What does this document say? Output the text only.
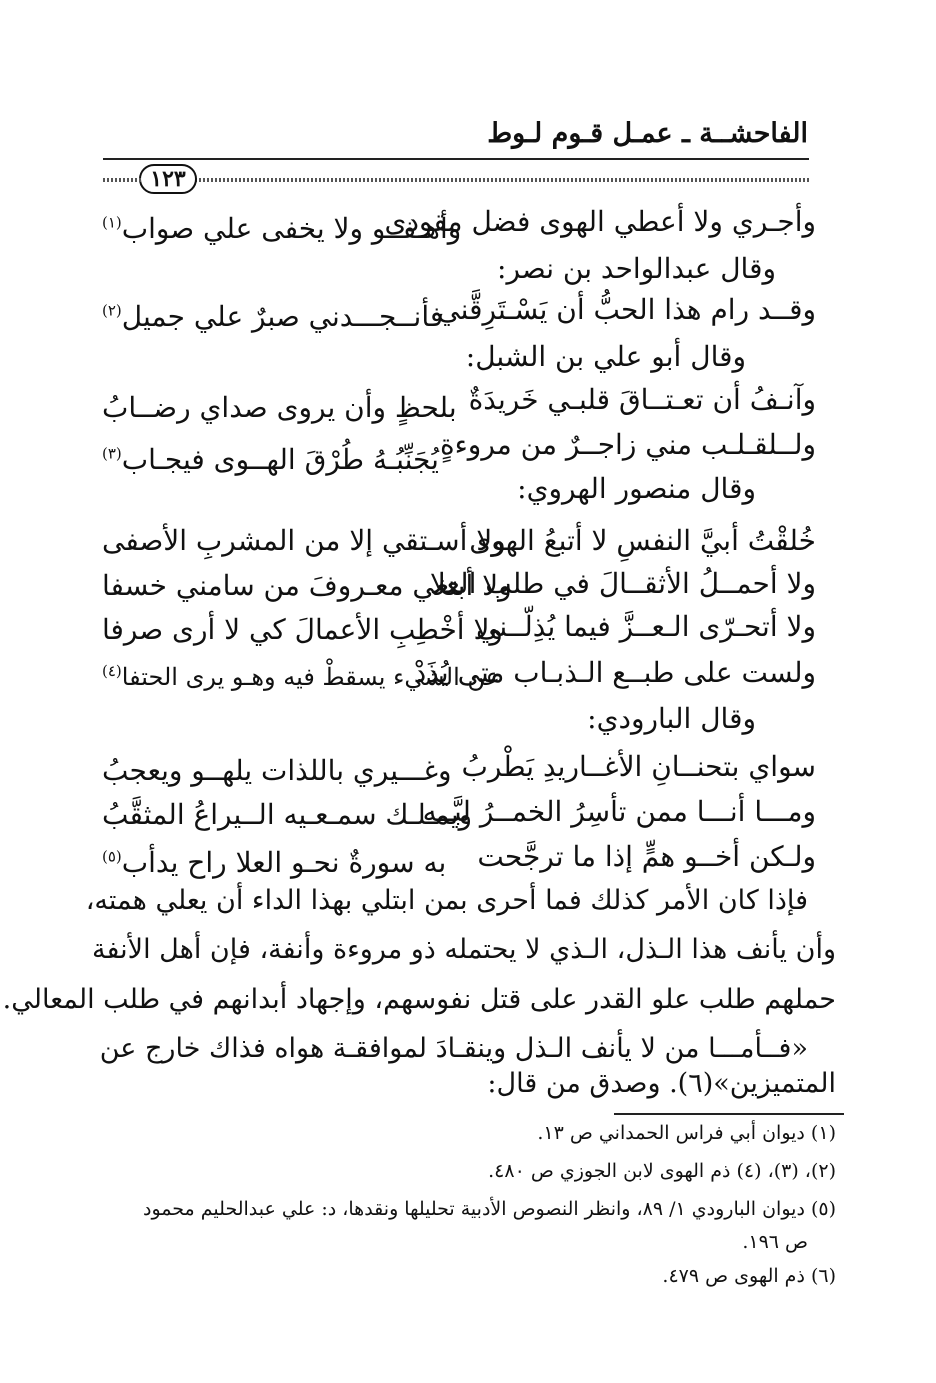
الفاحشــة ـ عمـل قـوم لـوط
١٢٣
وأجـري ولا أعطي الهوى فضل مقودي
وأهـفــو ولا يخفى علي صواب$^{(١)}$
وقال عبدالواحد بن نصر:
وقــد رام هذا الحبُّ أن يَسْـتَرِقَّني
فأنــجـــدني صبرٌ علي جميل$^{(٢)}$
وقال أبو علي بن الشبل:
وآنـفُ أن تعـتــاقَ قلبـي خَريدَةٌ
بلحظٍ وأن يروى صداي رضــابُ
ولــلقـلـب مني زاجــرٌ من مروءةٍ
يُجَنِّبُـهُ طُرْقَ الهــوى فيجـاب$^{(٣)}$
وقال منصور الهروي:
خُلقْتُ أبيَّ النفسِ لا أتبعُ الهوى
ولا أسـتقي إلا من المشربِ الأصفى
ولا أحمــلُ الأثقــالَ في طلب العلا
ولا أبتغي معـروفَ من سامني خسفا
ولا أتحـرّى الـعــزَّ فيما يُذِلّــني
ولا أخْطِبِ الأعمالَ كي لا أرى صرفا
ولست على طبــع الـذبـاب متى يُذَدْ
عن الشيء يسقطْ فيه وهـو يرى الحتفا$^{(٤)}$
وقال البارودي:
سواي بتحنــانِ الأغــاريدِ يَطْربُ
وغـــيري باللذات يلهــو ويعجبُ
ومـــا أنـــا ممن تأسِرُ الخمــرُ لبَّــه
ويمـلـك سمـعـيه الــيراعُ المثقَّبُ
ولـكن أخــو همٍّ إذا ما ترجَّحت
به سورةٌ نحـو العلا راح يدأب$^{(٥)}$
فإذا كان الأمر كذلك فما أحرى بمن ابتلي بهذا الداء أن يعلي همته،
وأن يأنف هذا الـذل، الـذي لا يحتمله ذو مروءة وأنفة، فإن أهل الأنفة
حملهم طلب علو القدر على قتل نفوسهم، وإجهاد أبدانهم في طلب المعالي.
«فــأمـــا من لا يأنف الـذل وينقـادَ لموافقـة هواه فذاك خارج عن
المتميزين»(٦). وصدق من قال:
(١) ديوان أبي فراس الحمداني ص ١٣.
(٢)، (٣)، (٤) ذم الهوى لابن الجوزي ص ٤٨٠.
(٥) ديوان البارودي ١/ ٨٩، وانظر النصوص الأدبية تحليلها ونقدها، د: علي عبدالحليم محمود
ص ١٩٦.
(٦) ذم الهوى ص ٤٧٩.
